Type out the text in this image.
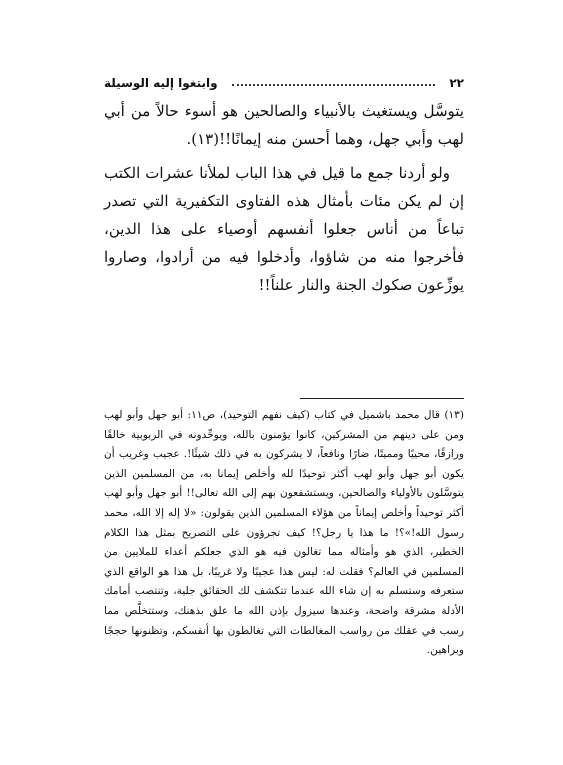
٢٢
وابتغوا إليه الوسيلة

يتوسَّل ويستغيث بالأنبياء والصالحين هو أسوء حالاً من أبي لهب وأبي جهل، وهما أحسن منه إيمانًا!!(١٣).

ولو أردنا جمع ما قيل في هذا الباب لملأنا عشرات الكتب إن لم يكن مئات بأمثال هذه الفتاوى التكفيرية التي تصدر تباعاً من أناس جعلوا أنفسهم أوصياء على هذا الدين، فأخرجوا منه من شاؤوا، وأدخلوا فيه من أرادوا، وصاروا يوزِّعون صكوك الجنة والنار علناً!!

(١٣) قال محمد باشميل في كتاب (كيف نفهم التوحيد)، ص١١: أبو جهل وأبو لهب ومن على دينهم من المشركين، كانوا يؤمنون بالله، ويوحِّدونه في الربوبية خالقًا ورازقًا، محييًا ومميتًا، ضارًا ونافعاً، لا يشركون به في ذلك شيئًا!. عجيب وغريب أن يكون أبو جهل وأبو لهب أكثر توحيدًا لله وأخلص إيمانا به، من المسلمين الذين يتوسَّلون بالأولياء والصالحين، ويستشفعون بهم إلى الله تعالى!! أبو جهل وأبو لهب أكثر توحيداً وأخلص إيماناً من هؤلاء المسلمين الذين يقولون: «لا إله إلا الله، محمد رسول الله!»؟! ما هذا يا رجل؟! كيف تجرؤون على التصريح بمثل هذا الكلام الخطير، الذي هو وأمثاله مما تغالون فيه هو الذي جعلكم أعداء للملايين من المسلمين في العالم؟ فقلت له: ليس هذا عجيبًا ولا غريبًا، بل هذا هو الواقع الذي ستعرفه وستسلم به إن شاء الله عندما تتكشف لك الحقائق جلية، وتنتصب أمامك الأدلة مشرقة واضحة، وعندها سيزول بإذن الله ما علق بذهنك، وستتخلَّص مما رسب في عقلك من رواسب المغالطات التي تغالطون بها أنفسكم، وتظنونها حججًا وبراهين.
